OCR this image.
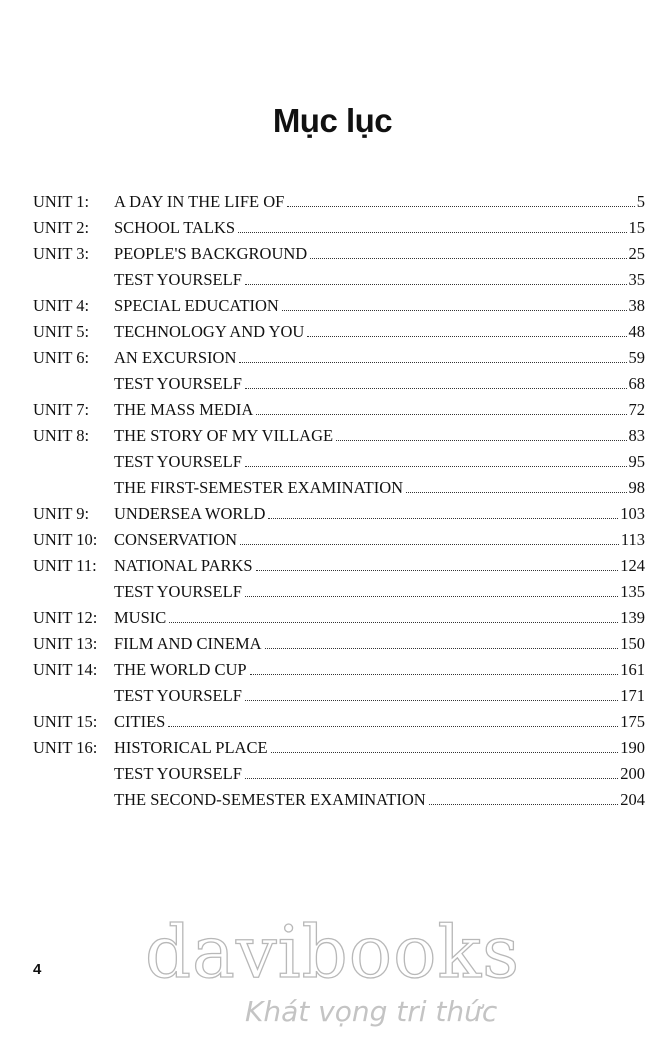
Mục lục
UNIT 1:	A DAY IN THE LIFE OF	5
UNIT 2:	SCHOOL TALKS	15
UNIT 3:	PEOPLE'S BACKGROUND	25
TEST YOURSELF	35
UNIT 4:	SPECIAL EDUCATION	38
UNIT 5:	TECHNOLOGY AND YOU	48
UNIT 6:	AN EXCURSION	59
TEST YOURSELF	68
UNIT 7:	THE MASS MEDIA	72
UNIT 8:	THE STORY OF MY VILLAGE	83
TEST YOURSELF	95
THE FIRST-SEMESTER EXAMINATION	98
UNIT 9:	UNDERSEA WORLD	103
UNIT 10:	CONSERVATION	113
UNIT 11:	NATIONAL PARKS	124
TEST YOURSELF	135
UNIT 12:	MUSIC	139
UNIT 13:	FILM AND CINEMA	150
UNIT 14:	THE WORLD CUP	161
TEST YOURSELF	171
UNIT 15:	CITIES	175
UNIT 16:	HISTORICAL PLACE	190
TEST YOURSELF	200
THE SECOND-SEMESTER EXAMINATION	204
4	davibooks
Khát vọng tri thức
